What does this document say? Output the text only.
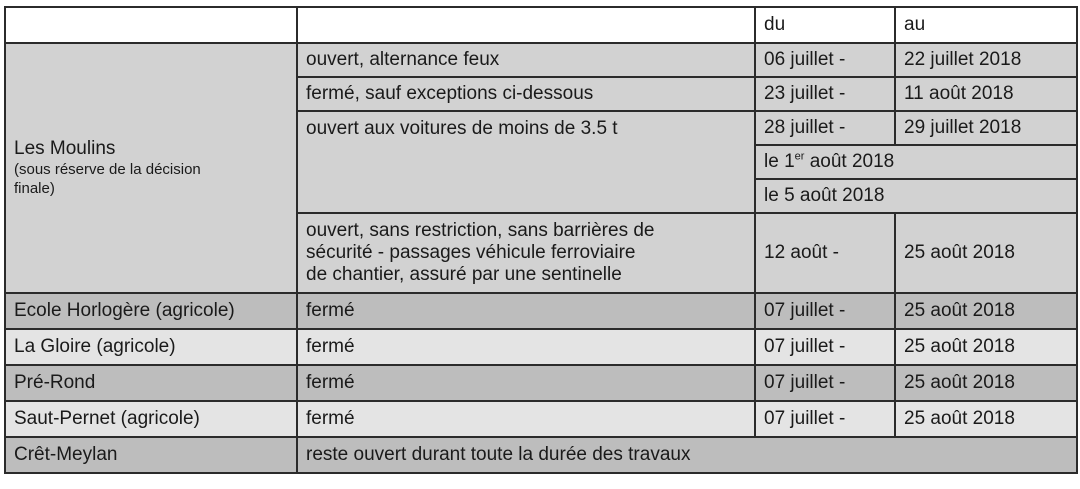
		du	au

Les Moulins
(sous réserve de la décision finale)	ouvert, alternance feux	06 juillet -	22 juillet 2018
	fermé, sauf exceptions ci-dessous	23 juillet -	11 août 2018
	ouvert aux voitures de moins de 3.5 t	28 juillet -	29 juillet 2018
		le 1er août 2018	
		le 5 août 2018	

	ouvert, sans restriction, sans barrières de
sécurité - passages véhicule ferroviaire
de chantier, assuré par une sentinelle	12 août -	25 août 2018
Ecole Horlogère (agricole)	fermé	07 juillet -	25 août 2018
La Gloire (agricole)	fermé	07 juillet -	25 août 2018
Pré-Rond	fermé	07 juillet -	25 août 2018
Saut-Pernet (agricole)	fermé	07 juillet -	25 août 2018
Crêt-Meylan	reste ouvert durant toute la durée des travaux		
